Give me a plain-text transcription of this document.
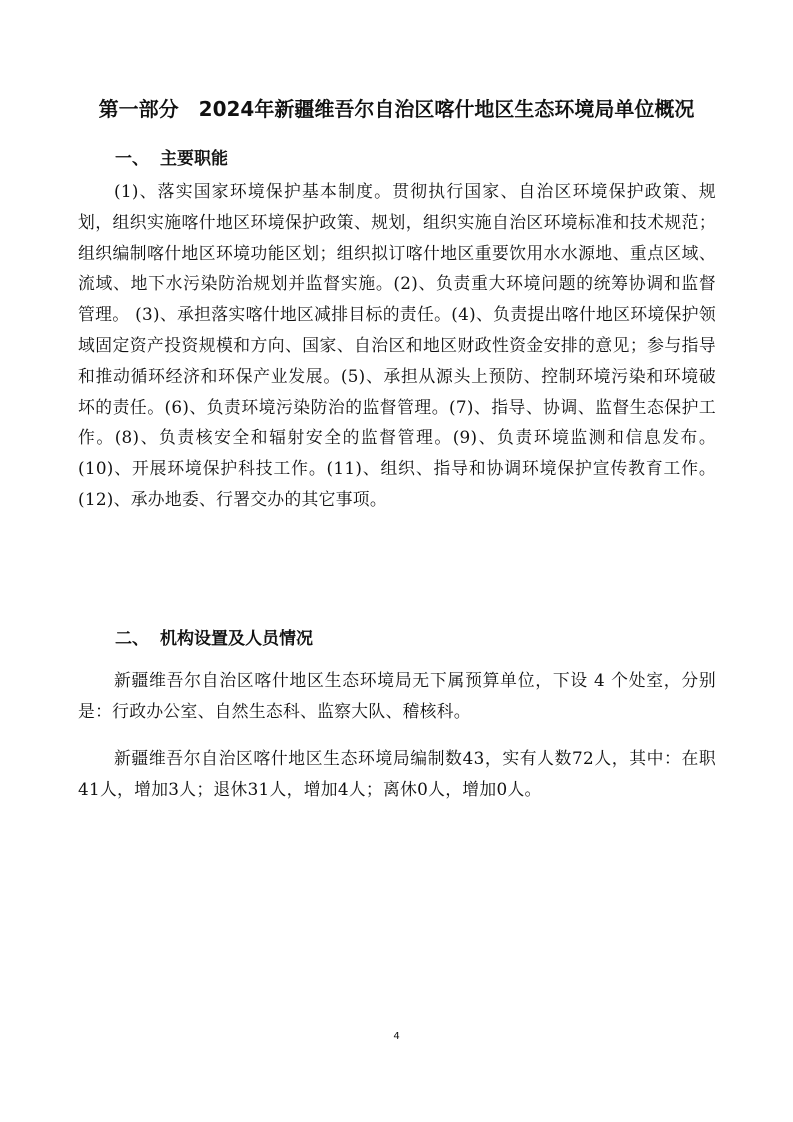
第一部分　2024年新疆维吾尔自治区喀什地区生态环境局单位概况
一、 主要职能

(1)、落实国家环境保护基本制度。贯彻执行国家、自治区环境保护政策、规划，组织实施喀什地区环境保护政策、规划，组织实施自治区环境标准和技术规范；组织编制喀什地区环境功能区划；组织拟订喀什地区重要饮用水水源地、重点区域、流域、地下水污染防治规划并监督实施。(2)、负责重大环境问题的统筹协调和监督管理。 (3)、承担落实喀什地区减排目标的责任。(4)、负责提出喀什地区环境保护领域固定资产投资规模和方向、国家、自治区和地区财政性资金安排的意见；参与指导和推动循环经济和环保产业发展。(5)、承担从源头上预防、控制环境污染和环境破坏的责任。(6)、负责环境污染防治的监督管理。(7)、指导、协调、监督生态保护工作。(8)、负责核安全和辐射安全的监督管理。(9)、负责环境监测和信息发布。(10)、开展环境保护科技工作。(11)、组织、指导和协调环境保护宣传教育工作。(12)、承办地委、行署交办的其它事项。

二、 机构设置及人员情况

新疆维吾尔自治区喀什地区生态环境局无下属预算单位，下设 4 个处室，分别是：行政办公室、自然生态科、监察大队、稽核科。

新疆维吾尔自治区喀什地区生态环境局编制数43，实有人数72人，其中：在职41人，增加3人；退休31人，增加4人；离休0人，增加0人。

4
